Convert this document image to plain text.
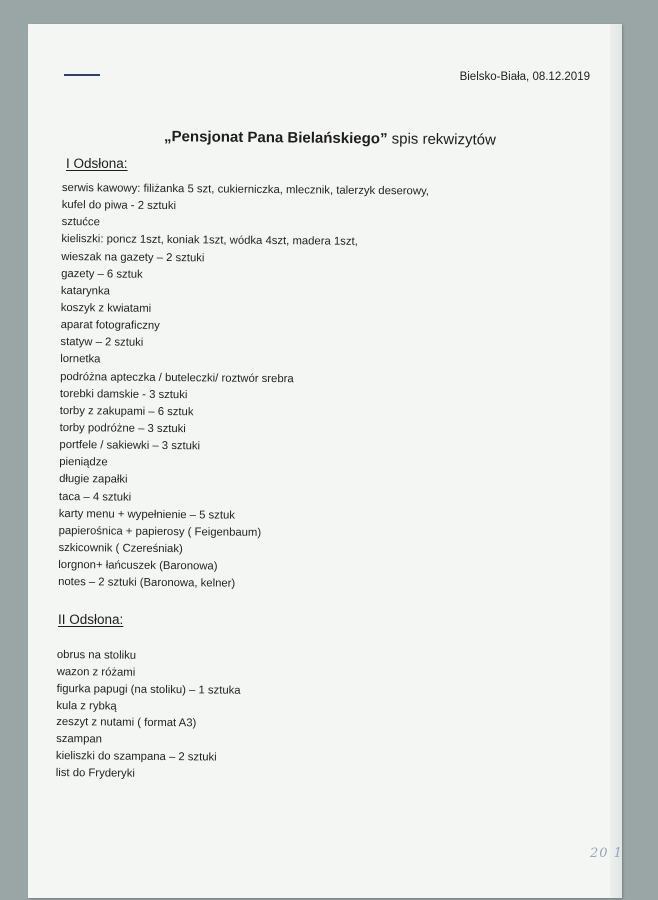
Bielsko-Biała, 08.12.2019
„Pensjonat Pana Bielańskiego” spis rekwizytów
I Odsłona:
serwis kawowy: filiżanka 5 szt, cukierniczka, mlecznik, talerzyk deserowy,
kufel do piwa - 2 sztuki
sztućce
kieliszki: poncz 1szt, koniak 1szt, wódka 4szt, madera 1szt,
wieszak na gazety – 2 sztuki
gazety – 6 sztuk
katarynka
koszyk z kwiatami
aparat fotograficzny
statyw – 2 sztuki
lornetka
podróżna apteczka / buteleczki/ roztwór srebra
torebki damskie - 3 sztuki
torby z zakupami – 6 sztuk
torby podróżne – 3 sztuki
portfele / sakiewki – 3 sztuki
pieniądze
długie zapałki
taca – 4 sztuki
karty menu + wypełnienie – 5 sztuk
papierośnica + papierosy ( Feigenbaum)
szkicownik ( Czereśniak)
lorgnon+ łańcuszek (Baronowa)
notes – 2 sztuki (Baronowa, kelner)
II Odsłona:
obrus na stoliku
wazon z różami
figurka papugi (na stoliku) – 1 sztuka
kula z rybką
zeszyt z nutami ( format A3)
szampan
kieliszki do szampana – 2 sztuki
list do Fryderyki
20 1
